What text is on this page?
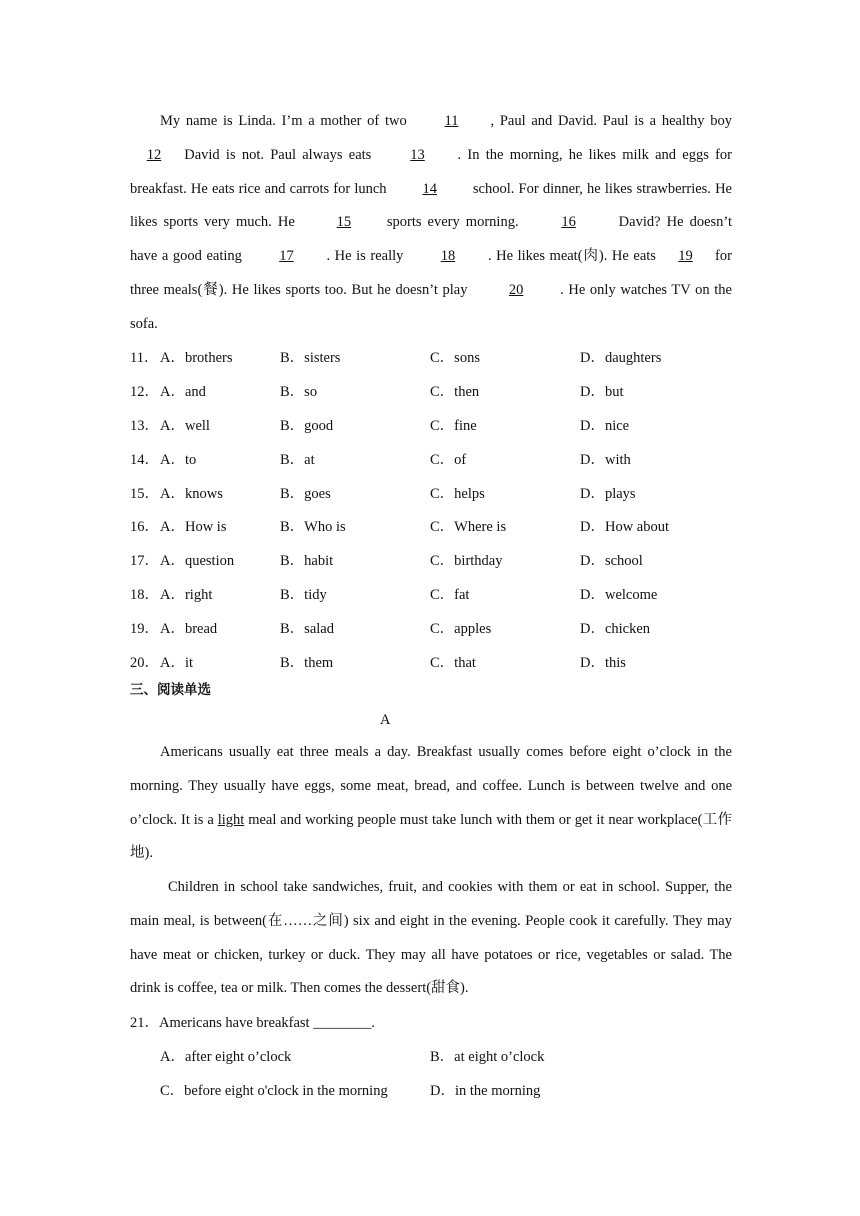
My name is Linda. I’m a mother of two 11 , Paul and David. Paul is a healthy boy 12 David is not. Paul always eats 13 . In the morning, he likes milk and eggs for breakfast. He eats rice and carrots for lunch 14 school. For dinner, he likes strawberries. He likes sports very much. He 15 sports every morning.	16	David? He doesn’t have a good eating 17 . He is really 18 . He likes meat(肉). He eats 19 for three meals(餐). He likes sports too. But he doesn’t play	20	. He only watches TV on the sofa.

11． A．brothers	B．sisters	C．sons	D．daughters
12． A．and	B．so	C．then	D．but
13． A．well	B．good	C．fine	D．nice
14． A．to	B．at	C．of	D．with
15． A．knows	B．goes	C．helps	D．plays
16． A．How is	B．Who is	C．Where is	D．How about
17． A．question	B．habit	C．birthday	D．school
18． A．right	B．tidy	C．fat	D．welcome
19． A．bread	B．salad	C．apples	D．chicken
20． A．it	B．them	C．that	D．this
三、阅读单选
A

Americans usually eat three meals a day. Breakfast usually comes before eight o’clock in the morning. They usually have eggs, some meat, bread, and coffee. Lunch is between twelve and one o’clock. It is a light meal and working people must take lunch with them or get it near workplace(工作地).

Children in school take sandwiches, fruit, and cookies with them or eat in school. Supper, the main meal, is between(在……之间) six and eight in the evening. People cook it carefully. They may have meat or chicken, turkey or duck. They may all have potatoes or rice, vegetables or salad. The drink is coffee, tea or milk. Then comes the dessert(甜食).

21．Americans have breakfast ________.
A．after eight o’clock	B．at eight o’clock
C．before eight o'clock in the morning	D．in the morning
